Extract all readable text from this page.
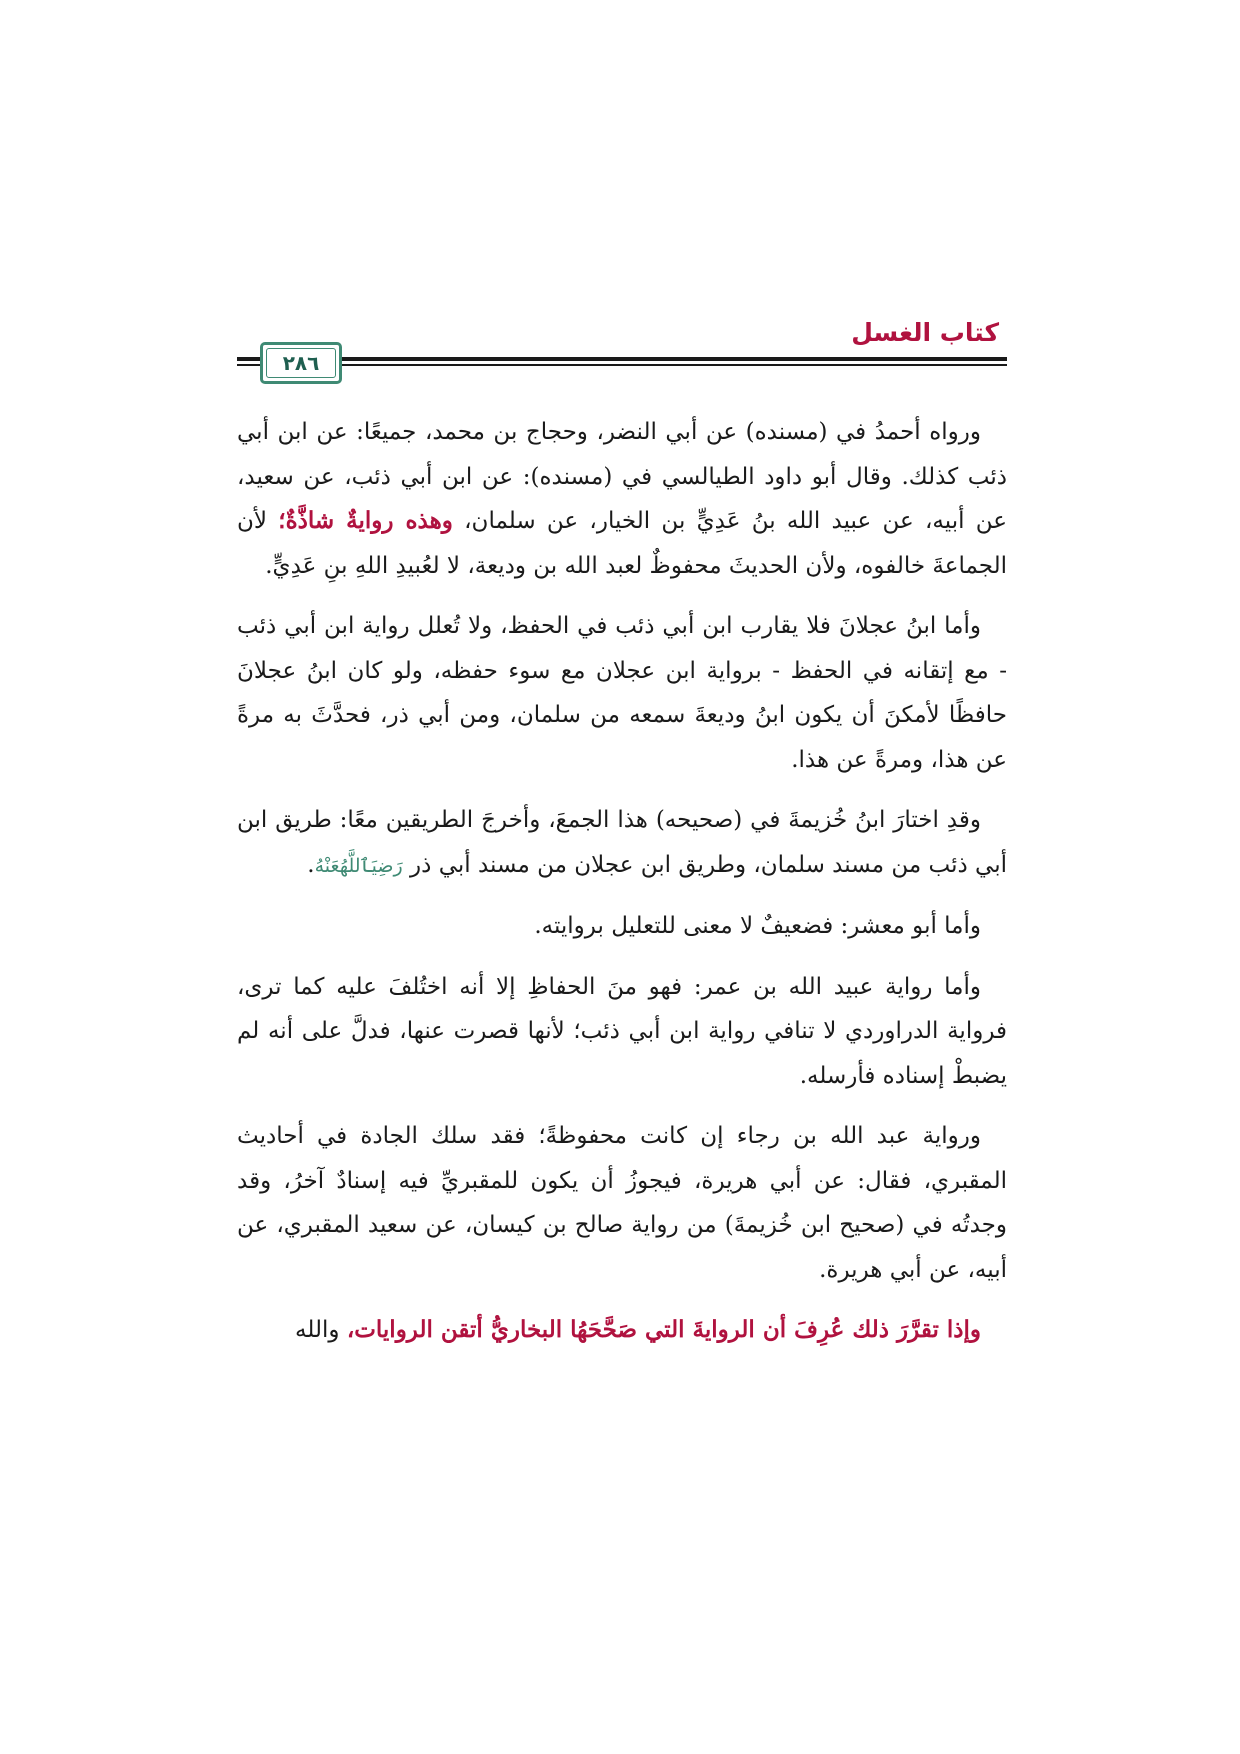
كتاب الغسل
٢٨٦

ورواه أحمدُ في (مسنده) عن أبي النضر، وحجاج بن محمد، جميعًا: عن ابن أبي ذئب كذلك. وقال أبو داود الطيالسي في (مسنده): عن ابن أبي ذئب، عن سعيد، عن أبيه، عن عبيد الله بنُ عَدِيٍّ بن الخيار، عن سلمان، وهذه روايةٌ شاذَّةٌ؛ لأن الجماعةَ خالفوه، ولأن الحديثَ محفوظٌ لعبد الله بن وديعة، لا لعُبيدِ اللهِ بنِ عَدِيٍّ.

وأما ابنُ عجلانَ فلا يقارب ابن أبي ذئب في الحفظ، ولا تُعلل رواية ابن أبي ذئب - مع إتقانه في الحفظ - برواية ابن عجلان مع سوء حفظه، ولو كان ابنُ عجلانَ حافظًا لأمكنَ أن يكون ابنُ وديعةَ سمعه من سلمان، ومن أبي ذر، فحدَّثَ به مرةً عن هذا، ومرةً عن هذا.

وقدِ اختارَ ابنُ خُزيمةَ في (صحيحه) هذا الجمعَ، وأخرجَ الطريقين معًا: طريق ابن أبي ذئب من مسند سلمان، وطريق ابن عجلان من مسند أبي ذر رَضِيَٱللَّهُعَنْهُ.

وأما أبو معشر: فضعيفٌ لا معنى للتعليل بروايته.

وأما رواية عبيد الله بن عمر: فهو منَ الحفاظِ إلا أنه اختُلفَ عليه كما ترى، فرواية الدراوردي لا تنافي رواية ابن أبي ذئب؛ لأنها قصرت عنها، فدلَّ على أنه لم يضبطْ إسناده فأرسله.

ورواية عبد الله بن رجاء إن كانت محفوظةً؛ فقد سلك الجادة في أحاديث المقبري، فقال: عن أبي هريرة، فيجوزُ أن يكون للمقبريِّ فيه إسنادٌ آخرُ، وقد وجدتُه في (صحيح ابن خُزيمةَ) من رواية صالح بن كيسان، عن سعيد المقبري، عن أبيه، عن أبي هريرة.

وإذا تقرَّرَ ذلك عُرِفَ أن الروايةَ التي صَحَّحَهُا البخاريُّ أتقن الروايات، والله
